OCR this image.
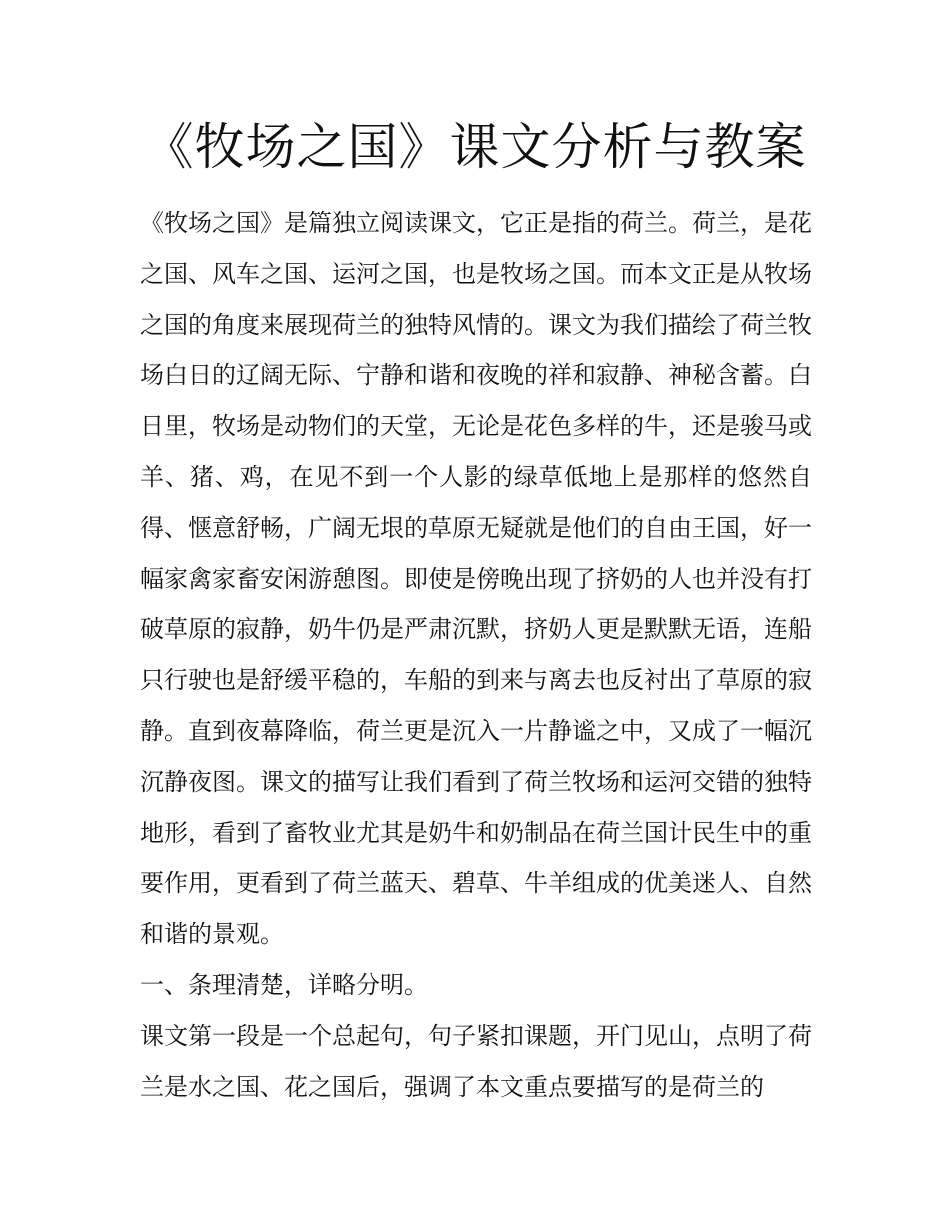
《牧场之国》课文分析与教案

《牧场之国》是篇独立阅读课文，它正是指的荷兰。荷兰，是花之国、风车之国、运河之国，也是牧场之国。而本文正是从牧场之国的角度来展现荷兰的独特风情的。课文为我们描绘了荷兰牧场白日的辽阔无际、宁静和谐和夜晚的祥和寂静、神秘含蓄。白日里，牧场是动物们的天堂，无论是花色多样的牛，还是骏马或羊、猪、鸡，在见不到一个人影的绿草低地上是那样的悠然自得、惬意舒畅，广阔无垠的草原无疑就是他们的自由王国，好一幅家禽家畜安闲游憩图。即使是傍晚出现了挤奶的人也并没有打破草原的寂静，奶牛仍是严肃沉默，挤奶人更是默默无语，连船只行驶也是舒缓平稳的，车船的到来与离去也反衬出了草原的寂静。直到夜幕降临，荷兰更是沉入一片静谧之中，又成了一幅沉沉静夜图。课文的描写让我们看到了荷兰牧场和运河交错的独特地形，看到了畜牧业尤其是奶牛和奶制品在荷兰国计民生中的重要作用，更看到了荷兰蓝天、碧草、牛羊组成的优美迷人、自然和谐的景观。

一、条理清楚，详略分明。

课文第一段是一个总起句，句子紧扣课题，开门见山，点明了荷兰是水之国、花之国后，强调了本文重点要描写的是荷兰的
